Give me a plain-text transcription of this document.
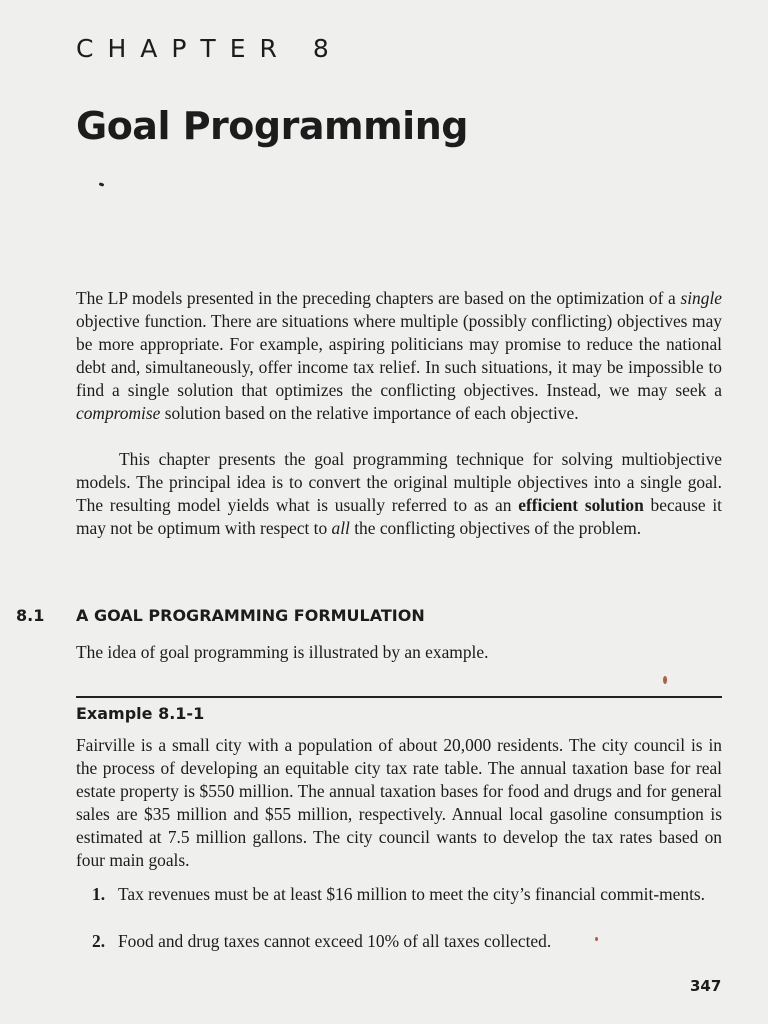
CHAPTER 8
Goal Programming

The LP models presented in the preceding chapters are based on the optimization of a single objective function. There are situations where multiple (possibly conflicting) objectives may be more appropriate. For example, aspiring politicians may promise to reduce the national debt and, simultaneously, offer income tax relief. In such situations, it may be impossible to find a single solution that optimizes the conflicting objectives. Instead, we may seek a compromise solution based on the relative importance of each objective.

This chapter presents the goal programming technique for solving multiobjective models. The principal idea is to convert the original multiple objectives into a single goal. The resulting model yields what is usually referred to as an efficient solution because it may not be optimum with respect to all the conflicting objectives of the problem.

8.1 A GOAL PROGRAMMING FORMULATION

The idea of goal programming is illustrated by an example.

Example 8.1-1

Fairville is a small city with a population of about 20,000 residents. The city council is in the process of developing an equitable city tax rate table. The annual taxation base for real estate property is $550 million. The annual taxation bases for food and drugs and for general sales are $35 million and $55 million, respectively. Annual local gasoline consumption is estimated at 7.5 million gallons. The city council wants to develop the tax rates based on four main goals.

1. Tax revenues must be at least $16 million to meet the city’s financial commit-ments.
2. Food and drug taxes cannot exceed 10% of all taxes collected.
347
